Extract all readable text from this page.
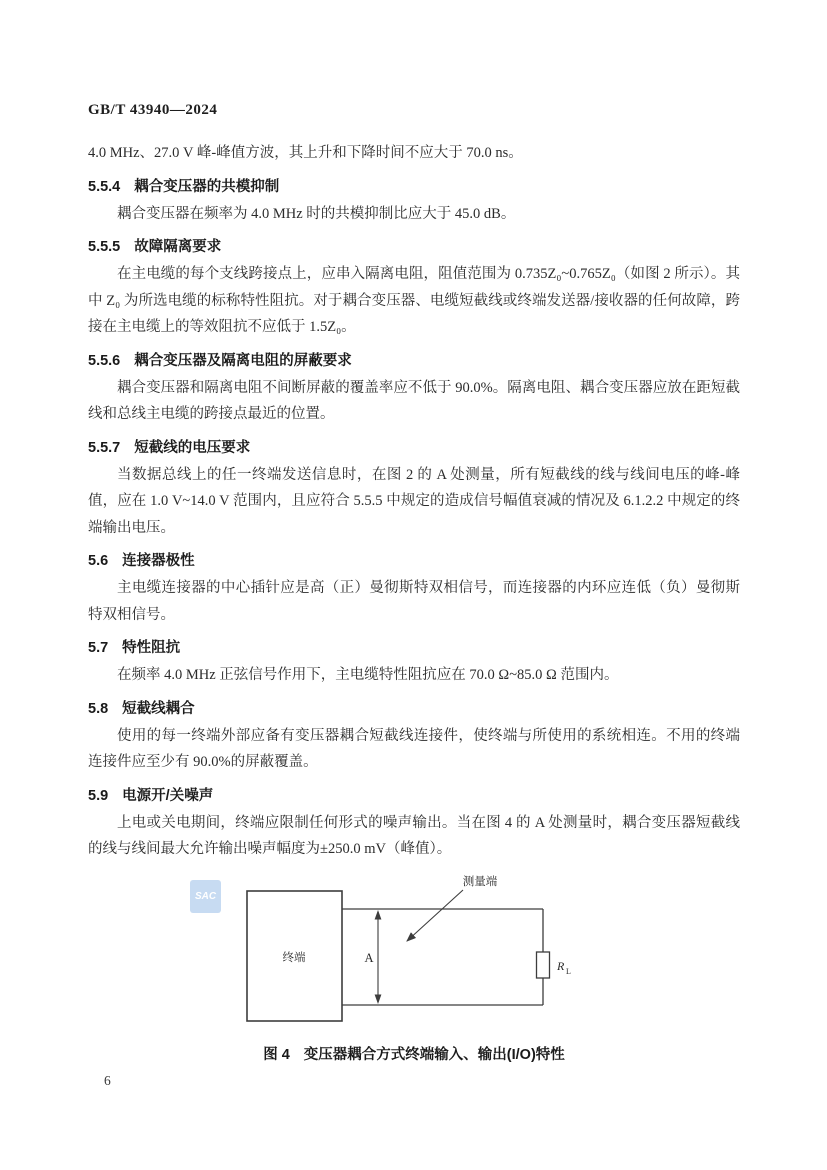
GB/T 43940—2024

4.0 MHz、27.0 V 峰-峰值方波，其上升和下降时间不应大于 70.0 ns。

5.5.4 耦合变压器的共模抑制

耦合变压器在频率为 4.0 MHz 时的共模抑制比应大于 45.0 dB。

5.5.5 故障隔离要求

在主电缆的每个支线跨接点上，应串入隔离电阻，阻值范围为 0.735Z₀~0.765Z₀（如图 2 所示）。其中 Z₀ 为所选电缆的标称特性阻抗。对于耦合变压器、电缆短截线或终端发送器/接收器的任何故障，跨接在主电缆上的等效阻抗不应低于 1.5Z₀。

5.5.6 耦合变压器及隔离电阻的屏蔽要求

耦合变压器和隔离电阻不间断屏蔽的覆盖率应不低于 90.0%。隔离电阻、耦合变压器应放在距短截线和总线主电缆的跨接点最近的位置。

5.5.7 短截线的电压要求

当数据总线上的任一终端发送信息时，在图 2 的 A 处测量，所有短截线的线与线间电压的峰-峰值，应在 1.0 V~14.0 V 范围内，且应符合 5.5.5 中规定的造成信号幅值衰减的情况及 6.1.2.2 中规定的终端输出电压。

5.6 连接器极性

主电缆连接器的中心插针应是高（正）曼彻斯特双相信号，而连接器的内环应连低（负）曼彻斯特双相信号。

5.7 特性阻抗

在频率 4.0 MHz 正弦信号作用下，主电缆特性阻抗应在 70.0 Ω~85.0 Ω 范围内。

5.8 短截线耦合

使用的每一终端外部应备有变压器耦合短截线连接件，使终端与所使用的系统相连。不用的终端连接件应至少有 90.0%的屏蔽覆盖。

5.9 电源开/关噪声

上电或关电期间，终端应限制任何形式的噪声输出。当在图 4 的 A 处测量时，耦合变压器短截线的线与线间最大允许输出噪声幅度为±250.0 mV（峰值）。

SAC
终端	A
测量端
R L

图 4 变压器耦合方式终端输入、输出(I/O)特性

6
